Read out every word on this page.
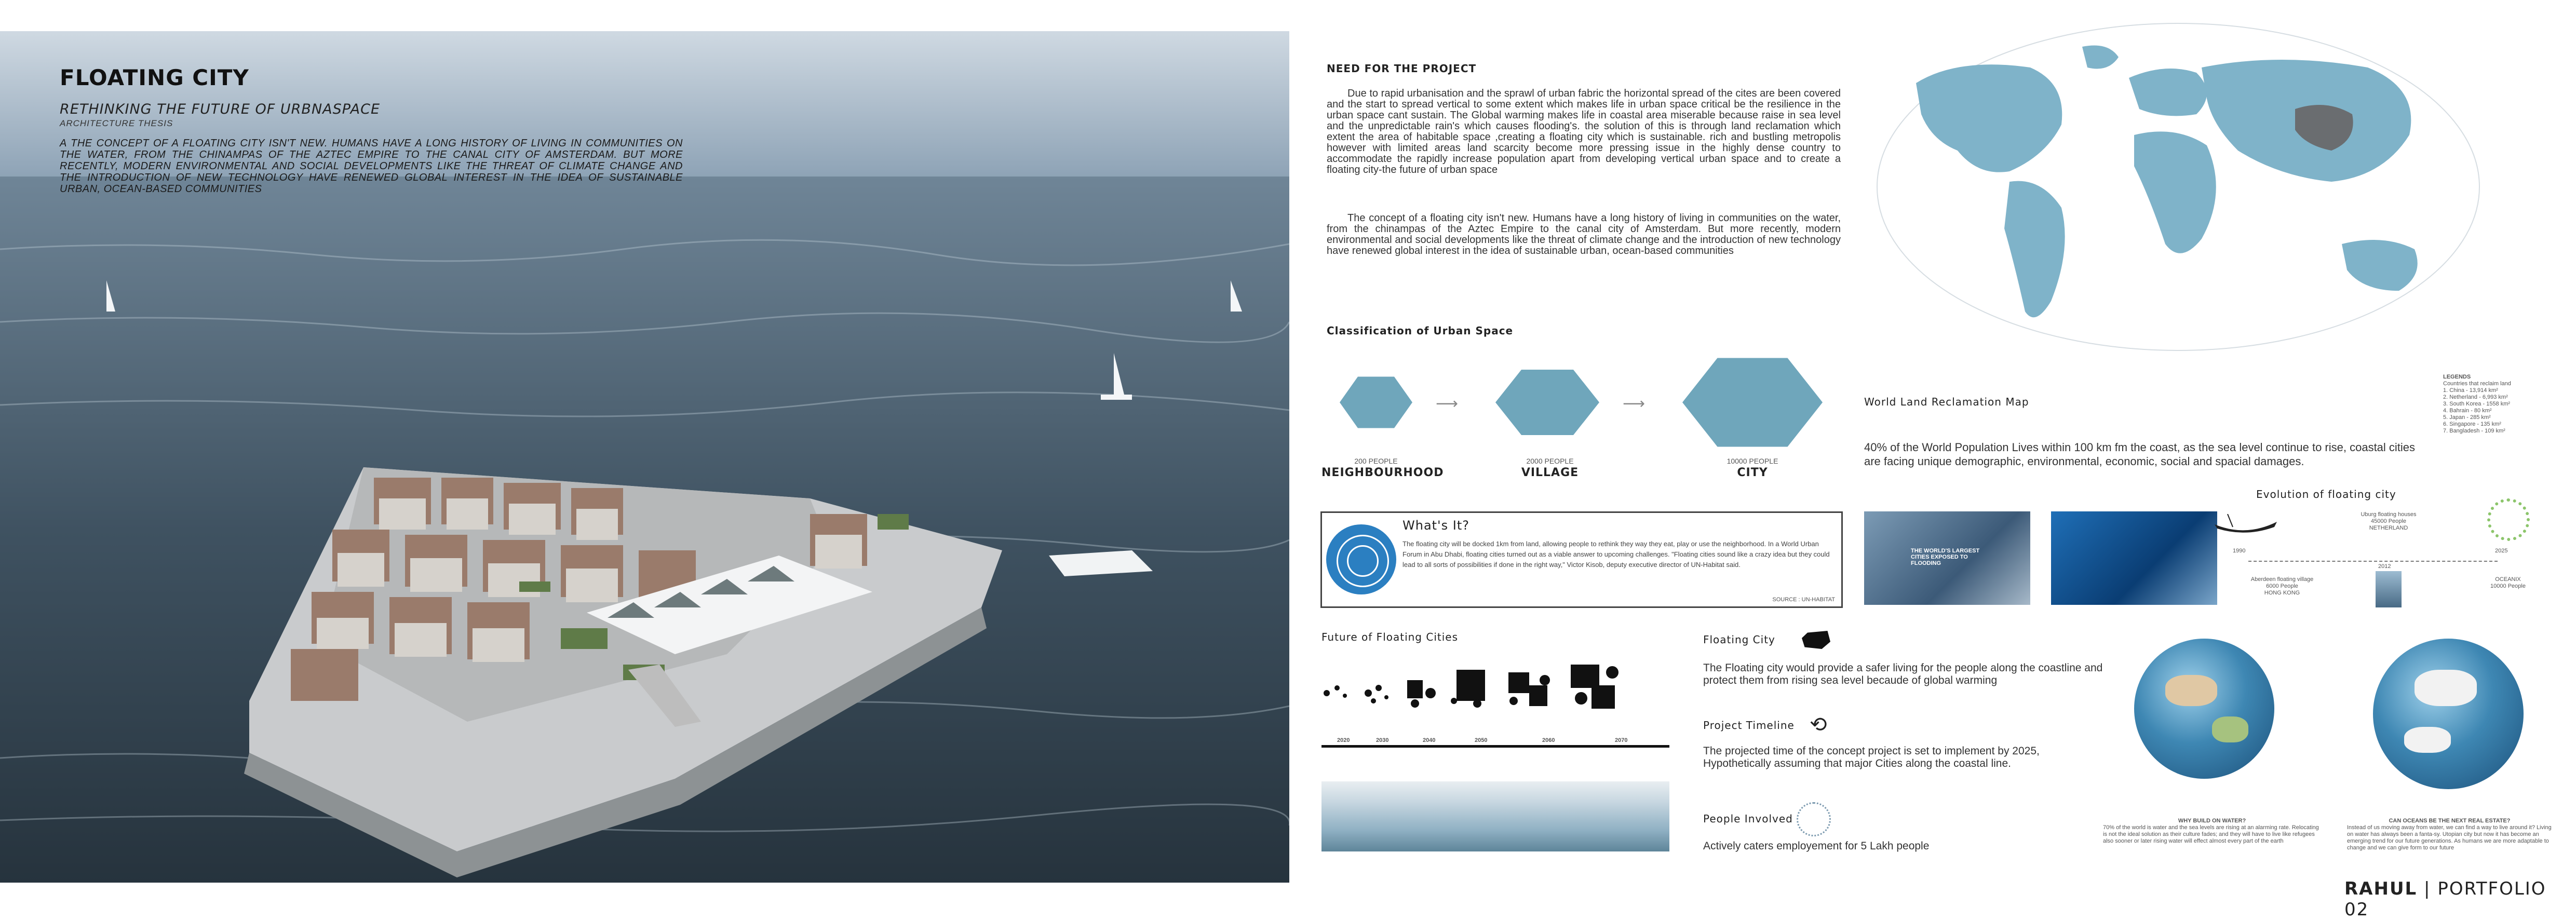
FLOATING CITY
RETHINKING THE FUTURE OF URBNASPACE
ARCHITECTURE THESIS
A THE CONCEPT OF A FLOATING CITY ISN'T NEW. HUMANS HAVE A LONG HISTORY OF LIVING IN COMMUNITIES ON THE WATER, FROM THE CHINAMPAS OF THE AZTEC EMPIRE TO THE CANAL CITY OF AMSTERDAM. BUT MORE RECENTLY, MODERN ENVIRONMENTAL AND SOCIAL DEVELOPMENTS LIKE THE THREAT OF CLIMATE CHANGE AND THE INTRODUCTION OF NEW TECHNOLOGY HAVE RENEWED GLOBAL INTEREST IN THE IDEA OF SUSTAINABLE URBAN, OCEAN-BASED COMMUNITIES
NEED FOR THE PROJECT
Due to rapid urbanisation and the sprawl of urban fabric the horizontal spread of the cites are been covered and the start to spread vertical to some extent which makes life in urban space critical be the resilience in the urban space cant sustain. The Global warming makes life in coastal area miserable because raise in sea level and the unpredictable rain's which causes flooding's. the solution of this is through land reclamation which extent the area of habitable space ,creating a floating city which is sustainable. rich and bustling metropolis however with limited areas land scarcity become more pressing issue in the highly dense country to accommodate the rapidly increase population apart from developing vertical urban space and to create a floating city-the future of urban space
The concept of a floating city isn't new. Humans have a long history of living in communities on the water, from the chinampas of the Aztec Empire to the canal city of Amsterdam. But more recently, modern environmental and social developments like the threat of climate change and the introduction of new technology have renewed global interest in the idea of sustainable urban, ocean-based communities
Classification of Urban Space
⟶	⟶
200 PEOPLE
NEIGHBOURHOOD
2000 PEOPLE
VILLAGE
10000 PEOPLE
CITY
World Land Reclamation Map
LEGENDS
Countries that reclaim land
1. China - 13,914 km²
2. Netherland - 6,993 km²
3. South Korea - 1558 km²
4. Bahrain - 80 km²
5. Japan - 285 km²
6. Singapore - 135 km²
7. Bangladesh - 109 km²
40% of the World Population Lives within 100 km fm the coast, as the sea level continue to rise, coastal cities are facing unique demographic, environmental, economic, social and spacial damages.
What's It?
The floating city will be docked 1km from land, allowing people to rethink they way they eat, play or use the neighborhood. In a World Urban Forum in Abu Dhabi, floating cities turned out as a viable answer to upcoming challenges. "Floating cities sound like a crazy idea but they could lead to all sorts of possibilities if done in the right way," Victor Kisob, deputy executive director of UN-Habitat said.
SOURCE : UN-HABITAT
THE WORLD'S LARGEST CITIES EXPOSED TO FLOODING
Evolution of floating city
Uburg floating houses
45000 People
NETHERLAND
1990	2025
2012
Aberdeen floating village
6000 People
HONG KONG
OCEANIX
10000 People
Future of Floating Cities
2020	2030	2040	2050	2060	2070
Floating City
The Floating city would provide a safer living for the people along the coastline and protect them from rising sea level becaude of global warming
Project Timeline ⟲
The projected time of the concept project is set to implement by 2025, Hypothetically assuming that major Cities along the coastal line.
People Involved
Actively caters employement for 5 Lakh people
WHY BUILD ON WATER?
70% of the world is water and the sea levels are rising at an alarming rate. Relocating is not the ideal solution as their culture fades; and they will have to live like refugees also sooner or later rising water will effect almost every part of the earth
CAN OCEANS BE THE NEXT REAL ESTATE?
Instead of us moving away from water, we can find a way to live around it? Living on water has always been a fanta-sy. Utopian city but now it has become an emerging trend for our future generations. As humans we are more adaptable to change and we can give form to our future
RAHUL | PORTFOLIO 02
